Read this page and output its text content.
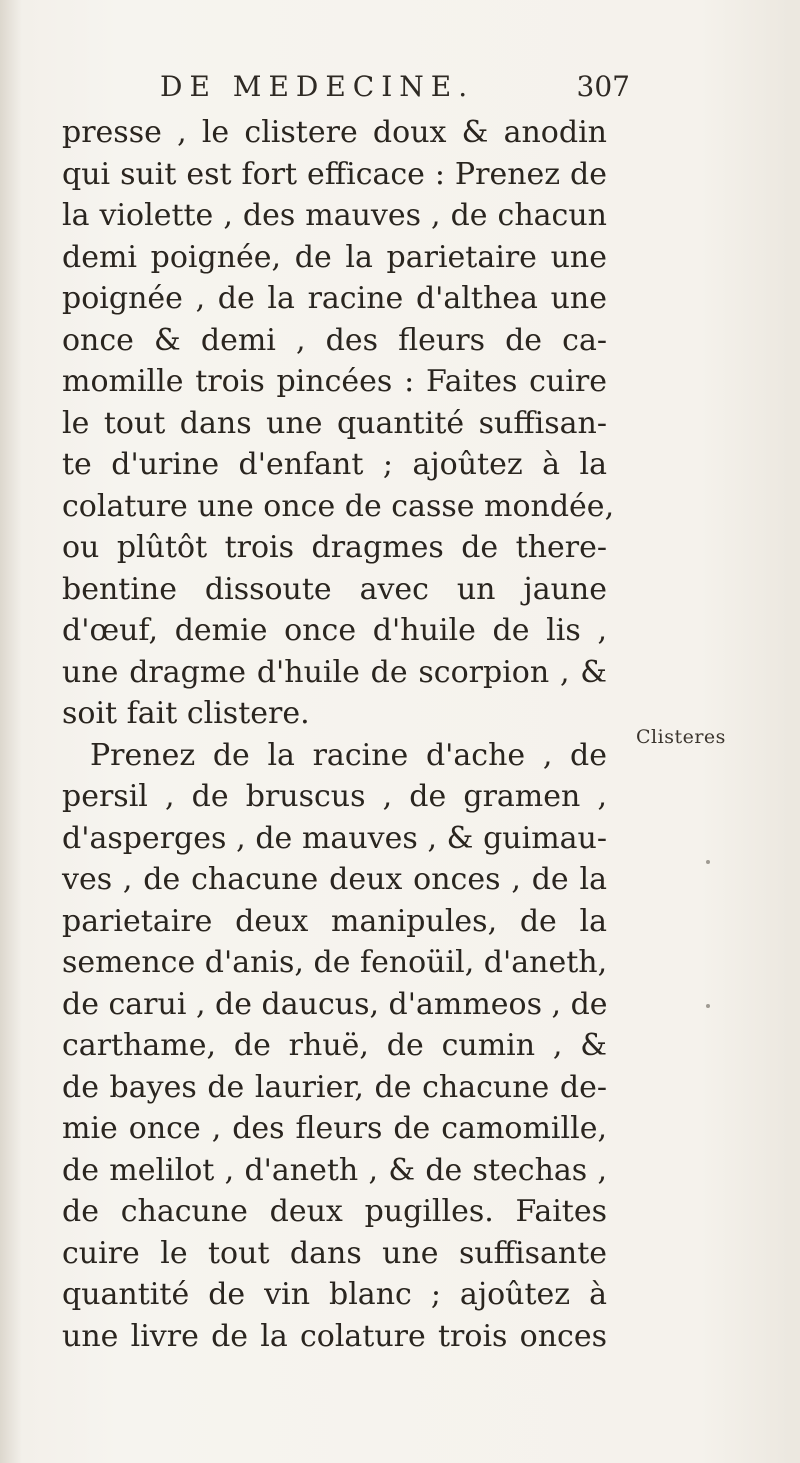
DE MEDECINE.	307
presse , le clistere doux & anodin
qui suit est fort efficace : Prenez de
la violette , des mauves , de chacun
demi poignée, de la parietaire une
poignée , de la racine d'althea une
once & demi , des fleurs de ca-
momille trois pincées : Faites cuire
le tout dans une quantité suffisan-
te d'urine d'enfant ; ajoûtez à la
colature une once de casse mondée,
ou plûtôt trois dragmes de there-
bentine dissoute avec un jaune
d'œuf, demie once d'huile de lis ,
une dragme d'huile de scorpion , &
soit fait clistere.
Prenez de la racine d'ache , de
persil , de bruscus , de gramen ,
d'asperges , de mauves , & guimau-
ves , de chacune deux onces , de la
parietaire deux manipules, de la
semence d'anis, de fenoüil, d'aneth,
de carui , de daucus, d'ammeos , de
carthame, de rhuë, de cumin , &
de bayes de laurier, de chacune de-
mie once , des fleurs de camomille,
de melilot , d'aneth , & de stechas ,
de chacune deux pugilles. Faites
cuire le tout dans une suffisante
quantité de vin blanc ; ajoûtez à
une livre de la colature trois onces
Clisteres
